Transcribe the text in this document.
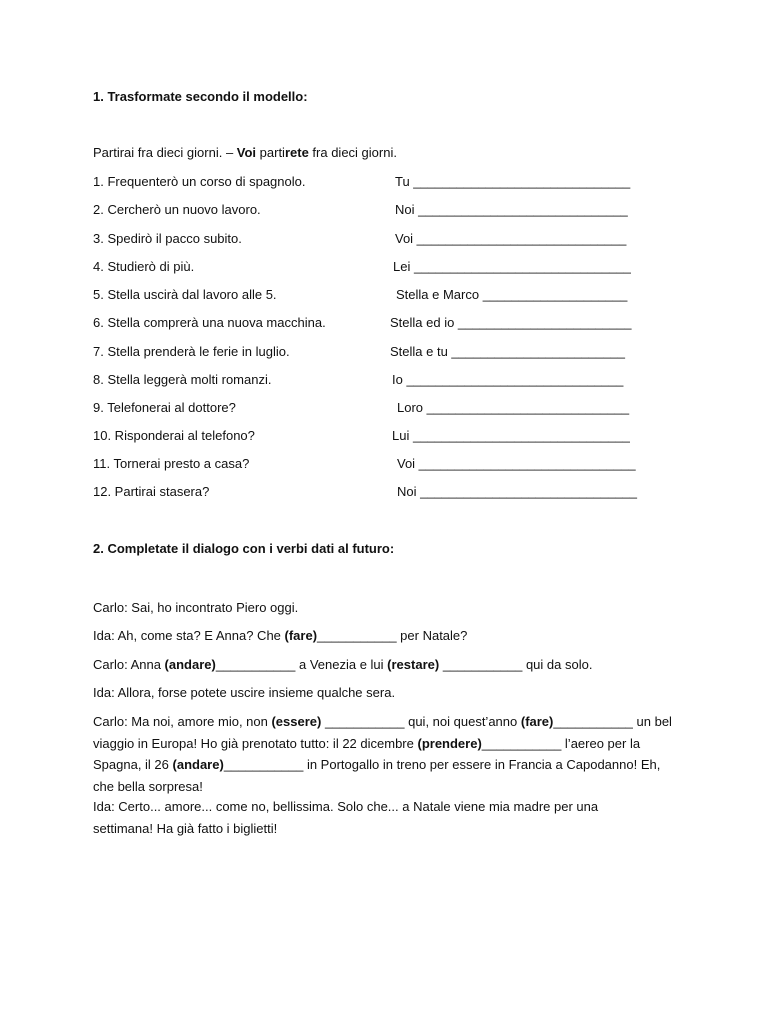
1. Trasformate secondo il modello:
Partirai fra dieci giorni. – Voi partirete fra dieci giorni.
1. Frequenterò un corso di spagnolo.	Tu ______________________________
2. Cercherò un nuovo lavoro.	Noi _____________________________
3. Spedirò il pacco subito.	Voi _____________________________
4. Studierò di più.	Lei ______________________________
5. Stella uscirà dal lavoro alle 5.	Stella e Marco ____________________
6. Stella comprerà una nuova macchina.	Stella ed io ________________________
7. Stella prenderà le ferie in luglio.	Stella e tu ________________________
8. Stella leggerà molti romanzi.	Io ______________________________
9. Telefonerai al dottore?	Loro ____________________________
10. Risponderai al telefono?	Lui ______________________________
11. Tornerai presto a casa?	Voi ______________________________
12. Partirai stasera?	Noi ______________________________
2. Completate il dialogo con i verbi dati al futuro:
Carlo: Sai, ho incontrato Piero oggi.
Ida: Ah, come sta? E Anna? Che (fare)___________ per Natale?
Carlo: Anna (andare)___________ a Venezia e lui (restare) ___________ qui da solo.
Ida: Allora, forse potete uscire insieme qualche sera.
Carlo: Ma noi, amore mio, non (essere) ___________ qui, noi quest’anno (fare)___________ un bel viaggio in Europa! Ho già prenotato tutto: il 22 dicembre (prendere)___________ l’aereo per la Spagna, il 26 (andare)___________ in Portogallo in treno per essere in Francia a Capodanno! Eh, che bella sorpresa!
Ida: Certo... amore... come no, bellissima. Solo che... a Natale viene mia madre per una settimana! Ha già fatto i biglietti!
